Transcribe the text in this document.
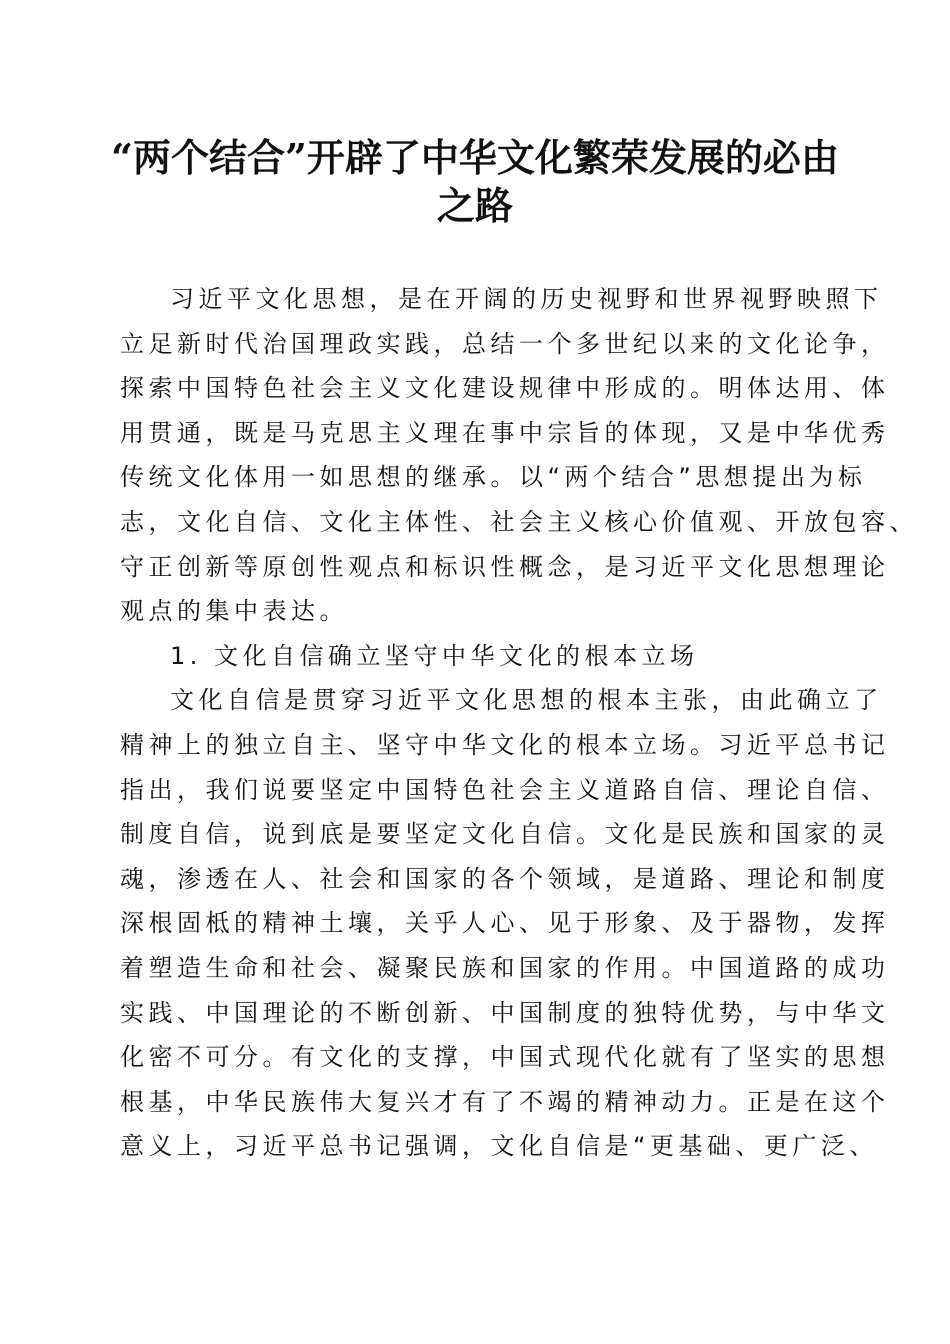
“两个结合”开辟了中华文化繁荣发展的必由
之路
习近平文化思想，是在开阔的历史视野和世界视野映照下
立足新时代治国理政实践，总结一个多世纪以来的文化论争，
探索中国特色社会主义文化建设规律中形成的。明体达用、体
用贯通，既是马克思主义理在事中宗旨的体现，又是中华优秀
传统文化体用一如思想的继承。以“两个结合”思想提出为标
志，文化自信、文化主体性、社会主义核心价值观、开放包容、
守正创新等原创性观点和标识性概念，是习近平文化思想理论
观点的集中表达。
1. 文化自信确立坚守中华文化的根本立场
文化自信是贯穿习近平文化思想的根本主张，由此确立了
精神上的独立自主、坚守中华文化的根本立场。习近平总书记
指出，我们说要坚定中国特色社会主义道路自信、理论自信、
制度自信，说到底是要坚定文化自信。文化是民族和国家的灵
魂，渗透在人、社会和国家的各个领域，是道路、理论和制度
深根固柢的精神土壤，关乎人心、见于形象、及于器物，发挥
着塑造生命和社会、凝聚民族和国家的作用。中国道路的成功
实践、中国理论的不断创新、中国制度的独特优势，与中华文
化密不可分。有文化的支撑，中国式现代化就有了坚实的思想
根基，中华民族伟大复兴才有了不竭的精神动力。正是在这个
意义上，习近平总书记强调，文化自信是“更基础、更广泛、
